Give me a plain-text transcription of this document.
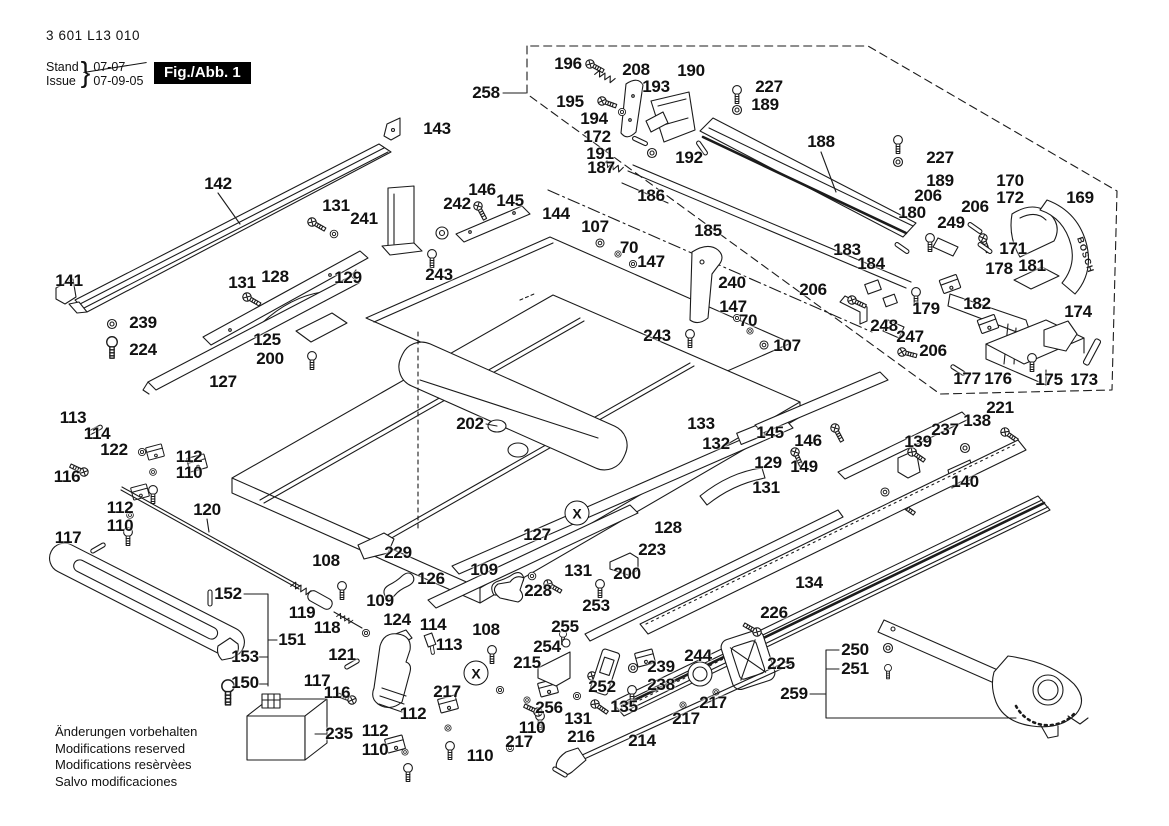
BOSCH
258
196 208 190
193	227
189
195
194
172
191
187
192
186
188
185
143
142
227
189
206
180
170
172	169
206
249
171
178 181
183
184
206
182	174
179
248
247
206
177 176 175 173
131
241
242
146
145
144
107
70
147
243
141	131 128	129
239
224
125
200
127
240
147
70
107
243
202	133
132
145 146
221
138
237
139
140
129
131
149
113
114
122	112
110
116
112
110
117
120
108	229
126 109
127
131 200
223
128
228
253
134
109
152
119
118
121
151
153
150
124 114
113
108
117
116
235
112
112
110	110
217
215
254
255
256
252
131
135
110
217 216 214
239
238
244
226
225
217
217
259
250
251
X
X
3 601 L13 010
Stand
Issue } 07-07
07-09-05	Fig./Abb. 1
Änderungen vorbehalten
Modifications reserved
Modifications resèrvèes
Salvo modificaciones
